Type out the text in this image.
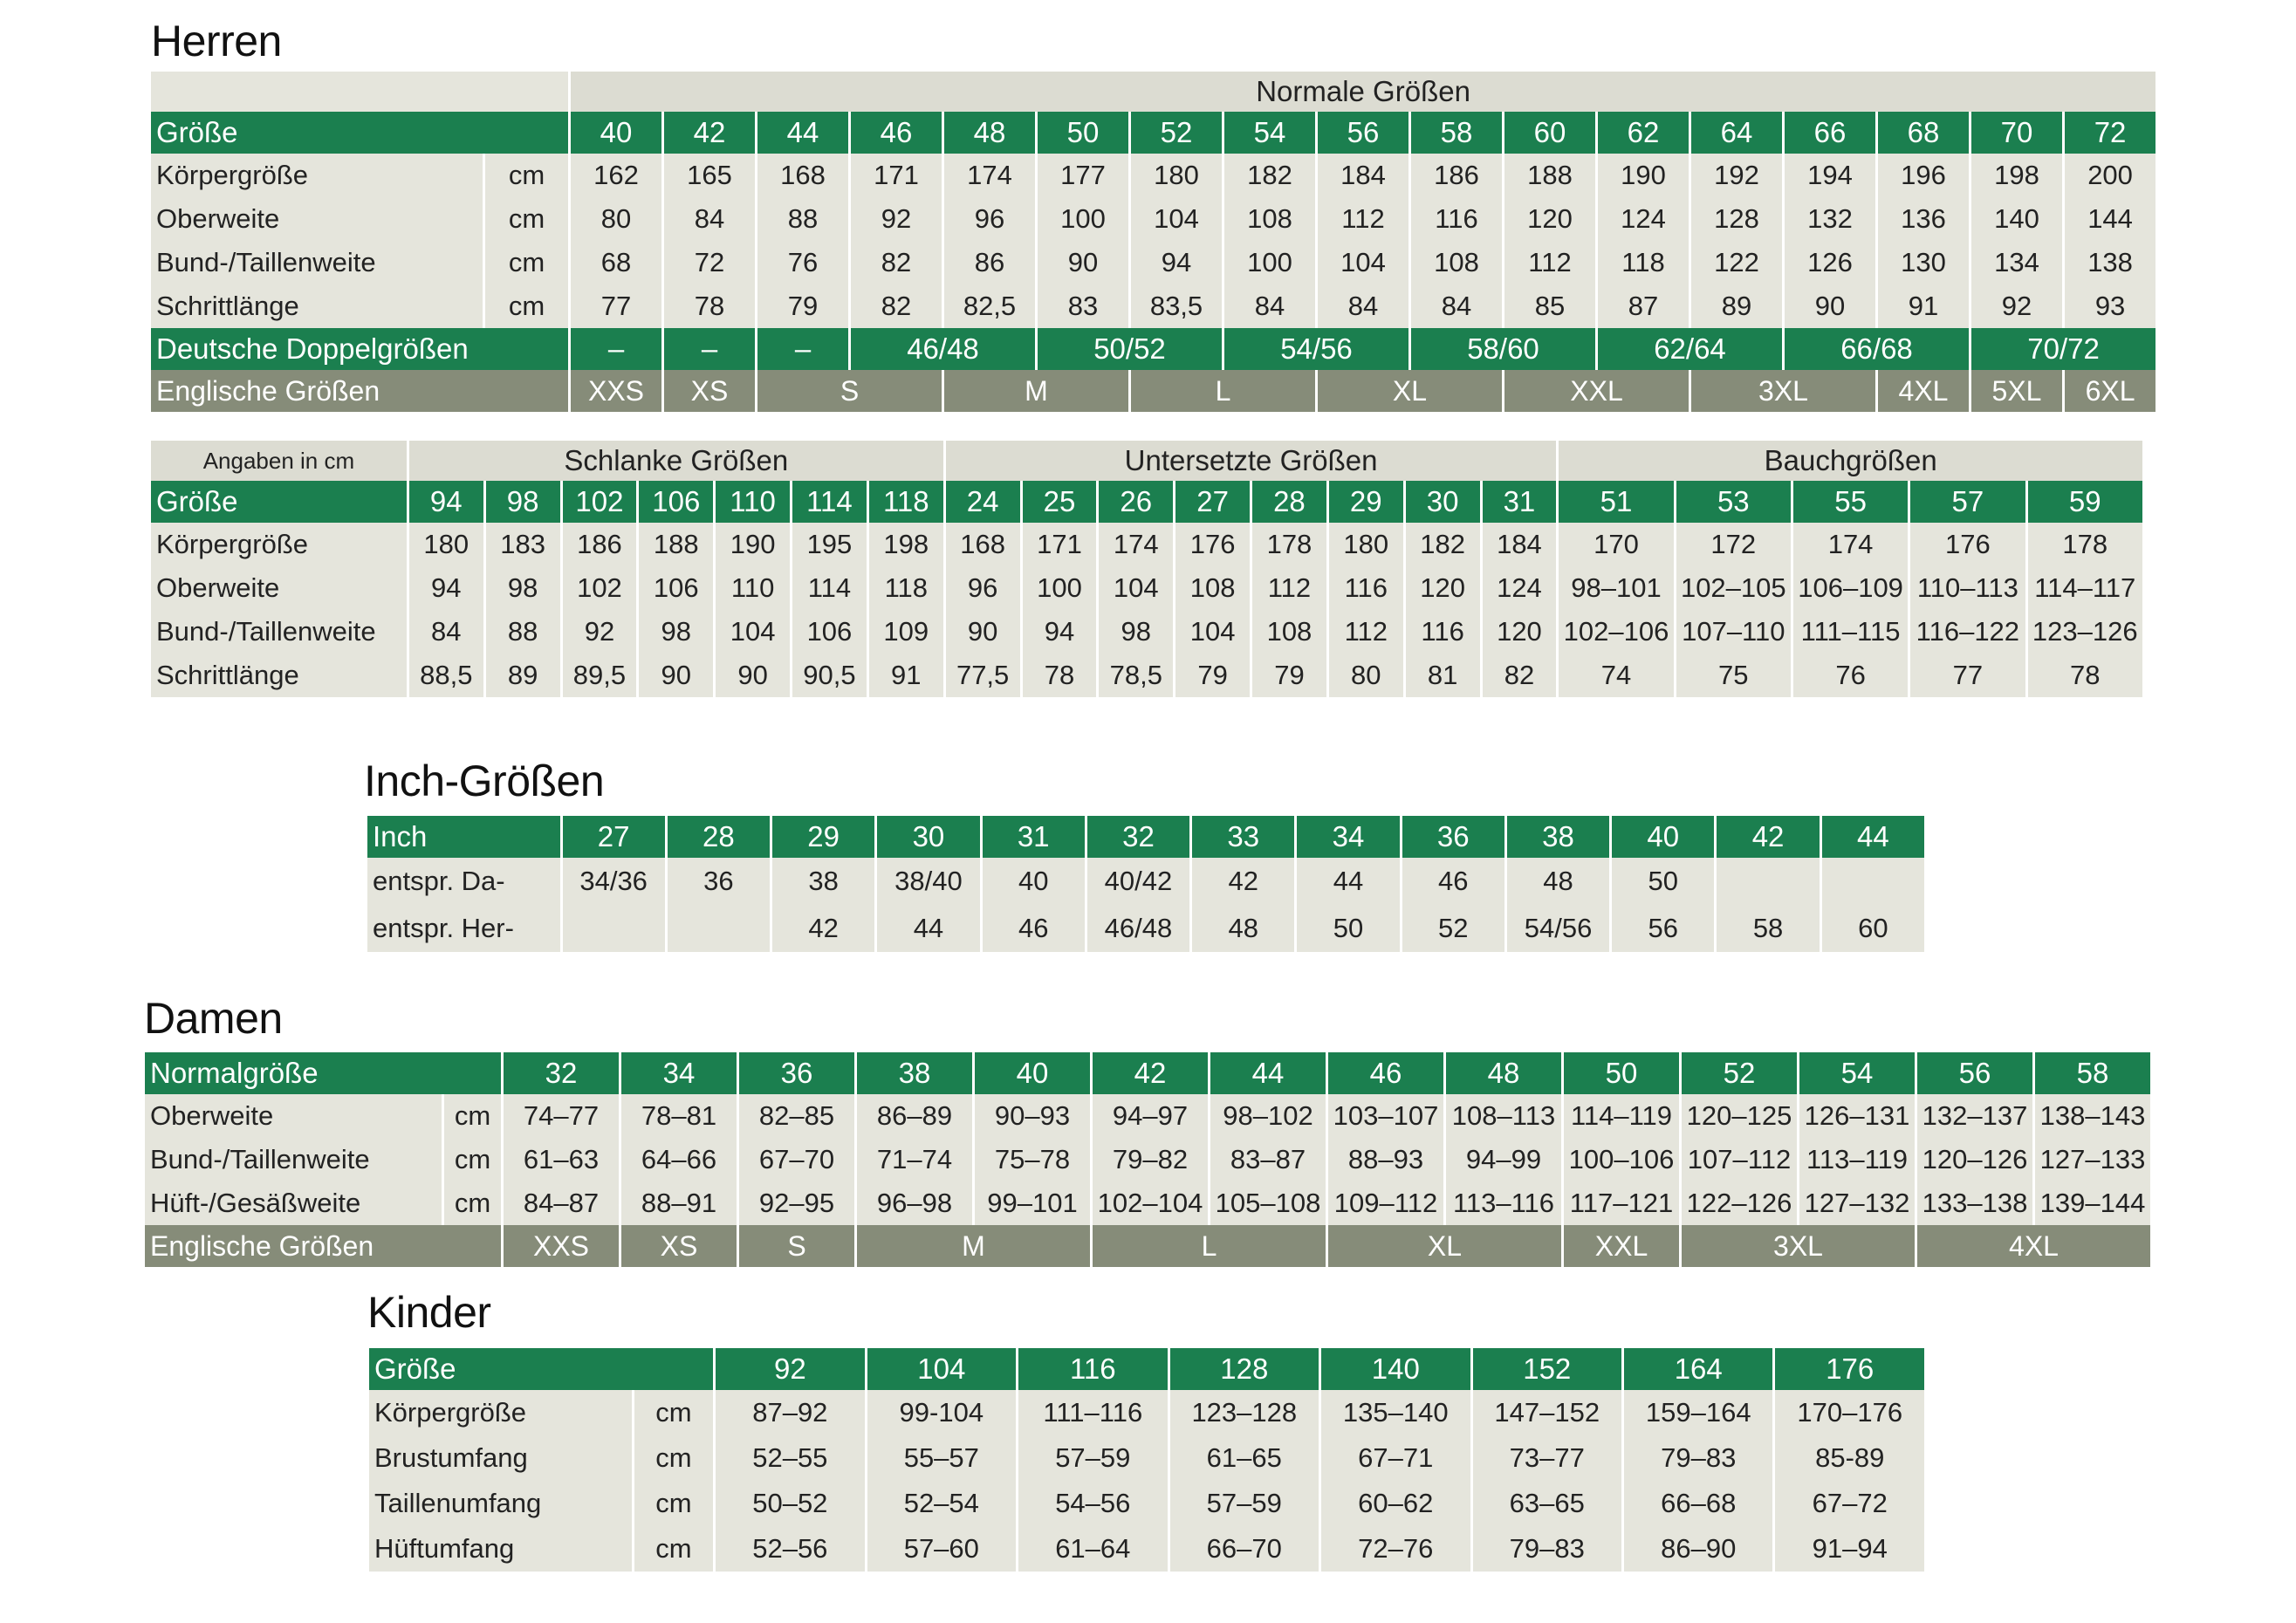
Herren
Inch-Größen
Damen
Kinder
		Normale Größen																
Größe		40	42	44	46	48	50	52	54	56	58	60	62	64	66	68	70	72
Körpergröße	cm	162	165	168	171	174	177	180	182	184	186	188	190	192	194	196	198	200
Oberweite	cm	80	84	88	92	96	100	104	108	112	116	120	124	128	132	136	140	144
Bund-/Taillenweite	cm	68	72	76	82	86	90	94	100	104	108	112	118	122	126	130	134	138
Schrittlänge	cm	77	78	79	82	82,5	83	83,5	84	84	84	85	87	89	90	91	92	93
Deutsche Doppelgrößen		–	–	–	46/48		50/52		54/56		58/60		62/64		66/68		70/72	
Englische Größen		XXS	XS	S		M		L		XL		XXL		3XL		4XL	5XL	6XL
Angaben in cm	Schlanke Größen							Untersetzte Größen								Bauchgrößen				
Größe	94	98	102	106	110	114	118	24	25	26	27	28	29	30	31	51	53	55	57	59
Körpergröße	180	183	186	188	190	195	198	168	171	174	176	178	180	182	184	170	172	174	176	178
Oberweite	94	98	102	106	110	114	118	96	100	104	108	112	116	120	124	98–101	102–105	106–109	110–113	114–117
Bund-/Taillenweite	84	88	92	98	104	106	109	90	94	98	104	108	112	116	120	102–106	107–110	111–115	116–122	123–126
Schrittlänge	88,5	89	89,5	90	90	90,5	91	77,5	78	78,5	79	79	80	81	82	74	75	76	77	78
Inch	27	28	29	30	31	32	33	34	36	38	40	42	44
entspr. Da-	34/36	36	38	38/40	40	40/42	42	44	46	48	50		
entspr. Her-			42	44	46	46/48	48	50	52	54/56	56	58	60
Normalgröße		32	34	36	38	40	42	44	46	48	50	52	54	56	58
Oberweite	cm	74–77	78–81	82–85	86–89	90–93	94–97	98–102	103–107	108–113	114–119	120–125	126–131	132–137	138–143
Bund-/Taillenweite	cm	61–63	64–66	67–70	71–74	75–78	79–82	83–87	88–93	94–99	100–106	107–112	113–119	120–126	127–133
Hüft-/Gesäßweite	cm	84–87	88–91	92–95	96–98	99–101	102–104	105–108	109–112	113–116	117–121	122–126	127–132	133–138	139–144
Englische Größen		XXS	XS	S	M		L		XL		XXL	3XL		4XL	
Größe		92	104	116	128	140	152	164	176
Körpergröße	cm	87–92	99-104	111–116	123–128	135–140	147–152	159–164	170–176
Brustumfang	cm	52–55	55–57	57–59	61–65	67–71	73–77	79–83	85-89
Taillenumfang	cm	50–52	52–54	54–56	57–59	60–62	63–65	66–68	67–72
Hüftumfang	cm	52–56	57–60	61–64	66–70	72–76	79–83	86–90	91–94
